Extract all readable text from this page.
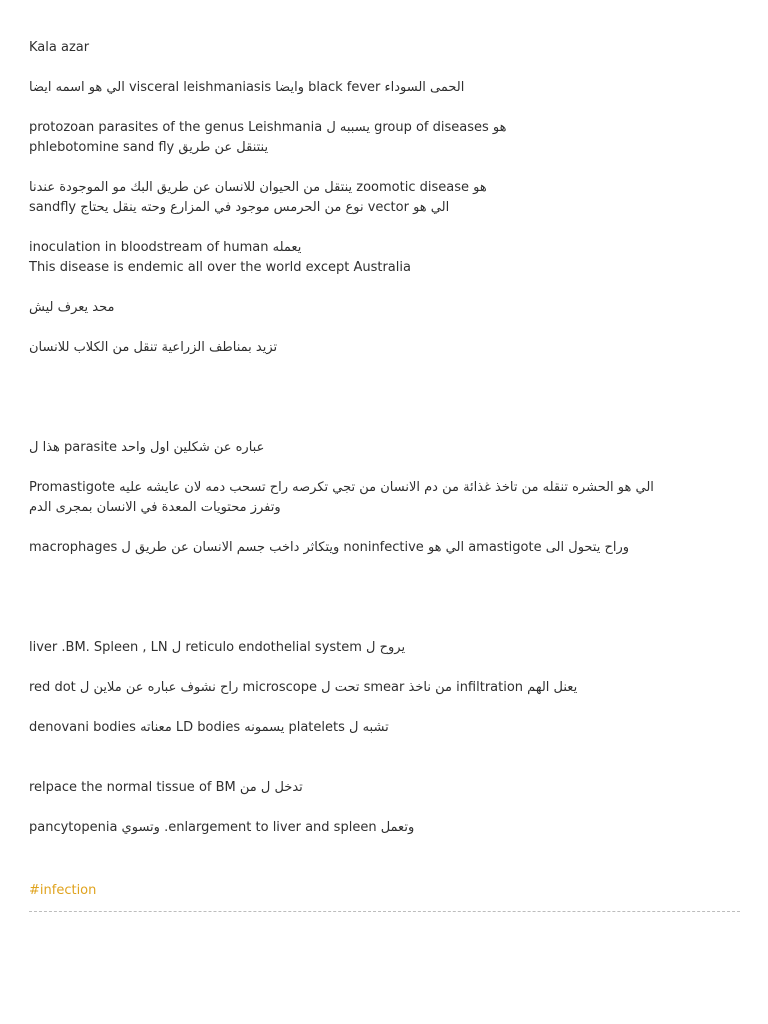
Kala azar
الحمى السوداء black fever وايضا visceral leishmaniasis الي هو اسمه ايضا
هو group of diseases يسببه ل protozoan parasites of the genus Leishmania
ينتنقل عن طريق phlebotomine sand fly
هو zoomotic disease ينتقل من الحيوان للانسان عن طريق البك مو الموجودة عندنا
الي هو vector نوع من الحرمس موجود في المزارع وحته ينقل يحتاج sandfly
يعمله inoculation in bloodstream of human
This disease is endemic all over the world except Australia
محد يعرف ليش
تزيد بمناطف الزراعية تنقل من الكلاب للانسان
عباره عن شكلين اول واحد parasite هذا ل
Promastigote الي هو الحشره تنقله من تاخذ غذائة من دم الانسان من تجي تكرصه راح تسحب دمه لان عايشه عليه
وتفرز محتويات المعدة في الانسان بمجرى الدم
macrophages ويتكاثر داخب جسم الانسان عن طريق ل noninfective الي هو amastigote وراح يتحول الى
يروح ل reticulo endothelial system ل liver .BM. Spleen , LN
يعنل الهم infiltration من ناخذ smear تحت ل microscope راح نشوف عباره عن ملاين ل red dot
تشبه ل platelets يسمونه LD bodies معناته denovani bodies
تدخل ل من relpace the normal tissue of BM
وتعمل enlargement to liver and spleen. وتسوي pancytopenia
#infection
